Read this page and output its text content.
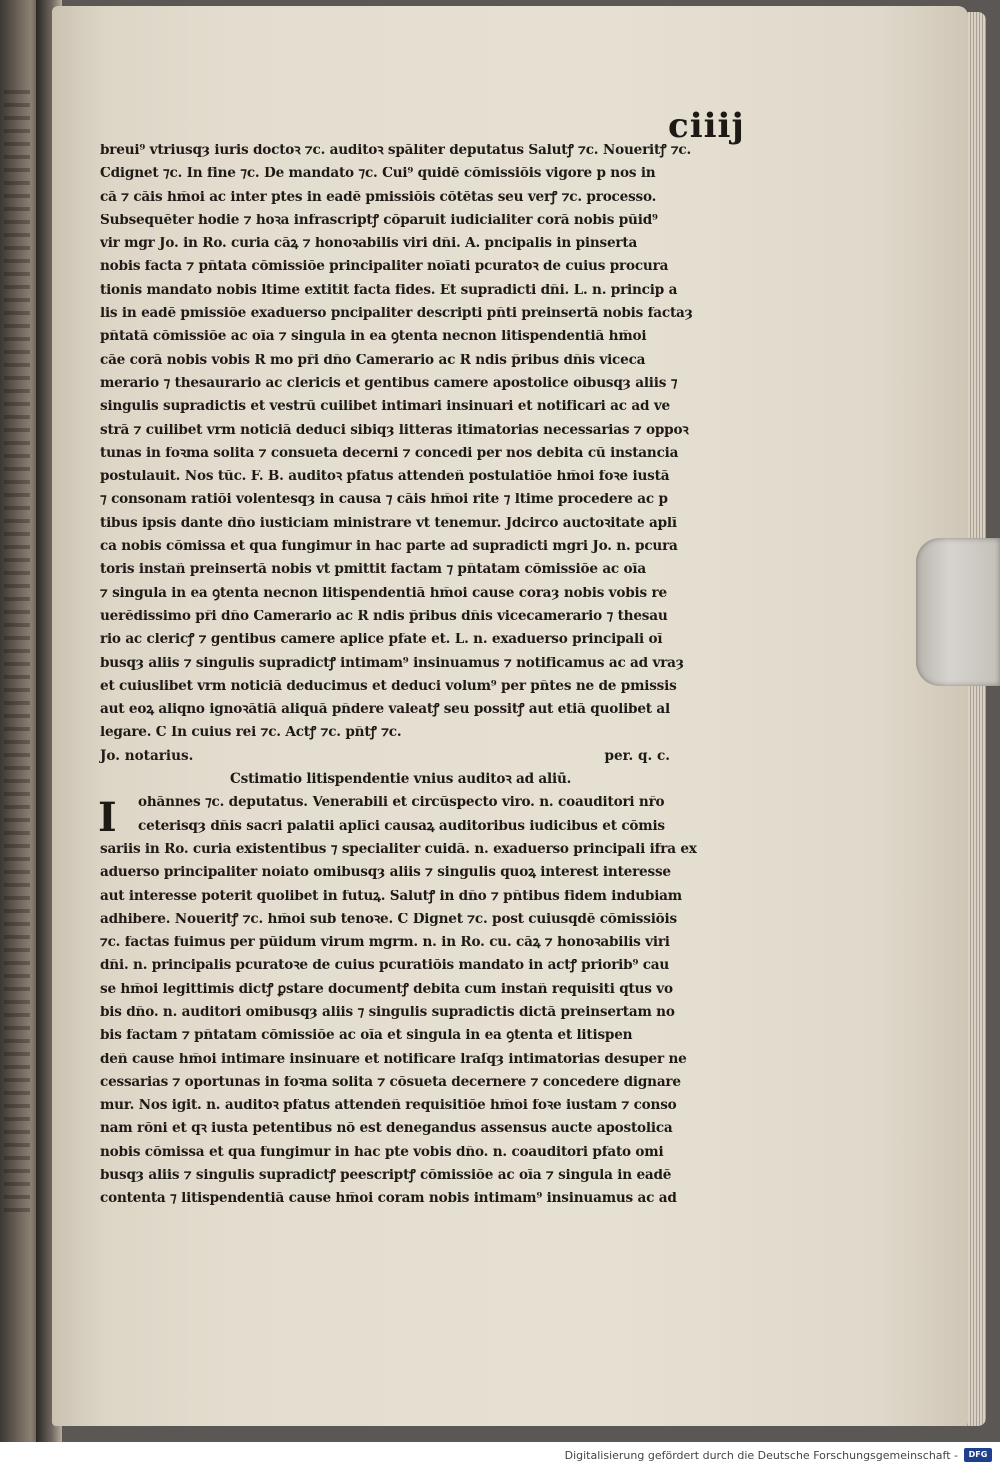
ciiij
breui⁹ vtriusqȝ iuris doctoꝛ ⁊c. auditoꝛ spālíter deputatus Salutꝭ ⁊c. Noueritꝭ ⁊c.
Cdignet ⁊c. In fine ⁊c. De mandato ⁊c. Cui⁹ quidē cōmissiōis vigore p nos in
cā ⁊ cāis hm̄oi ac inter ptes in eadē pmissiōis cōtētas seu verꝭ ⁊c. processo.
Subsequēter hodie ⁊ hoꝛa infrascriptꝭ cōparuit iudicialiter corā nobis pūid⁹
vir mgr Jo. in Ro. curia cāꝝ ⁊ honoꝛabilis viri dn̄i. A. pncipalis in pinserta
nobis facta ⁊ pn̄tata cōmissiōe principaliter noīati pcuratoꝛ de cuius procura
tionis mandato nobis ltime extitit facta fides. Et supradicti dn̄i. L. n. princip a
lis in eadē pmissiōe exaduerso pncipaliter descripti pn̄ti preinsertā nobis factaȝ
pn̄tatā cōmissiōe ac oīa ⁊ singula in ea ꝯtenta necnon litispendentiā hm̄oi
cāe corā nobis vobis R mo pr̄i dn̄o Camerario ac R ndis p̄ribus dn̄is viceca
merario ⁊ thesaurario ac clericis et gentibus camere apostolice oibusqȝ aliis ⁊
singulis supradictis et vestrū cuilibet intimari insinuari et notificari ac ad ve
strā ⁊ cuilibet vrm noticiā deduci sibiqȝ litteras itimatorias necessarias ⁊ oppoꝛ
tunas in foꝛma solita ⁊ consueta decerni ⁊ concedi per nos debita cū instancia
postulauit. Nos tūc. F. B. auditoꝛ pfatus attendeñ postulatiōe hm̄oi foꝛe iustā
⁊ consonam ratiōi volentesqȝ in causa ⁊ cāis hm̄oi rite ⁊ ltime procedere ac p
tibus ipsis dante dn̄o iusticiam ministrare vt tenemur. Jdcirco auctoꝛitate aplī
ca nobis cōmissa et qua fungimur in hac parte ad supradicti mgri Jo. n. pcura
toris instañ preinsertā nobis vt pmittit factam ⁊ pn̄tatam cōmissiōe ac oīa
⁊ singula in ea ꝯtenta necnon litispendentiā hm̄oi cause coraȝ nobis vobis re
uerēdissimo pr̄i dn̄o Camerario ac R ndis p̄ribus dn̄is vicecamerario ⁊ thesau
rio ac clericꝭ ⁊ gentibus camere aplice pfate et. L. n. exaduerso principali oī
busqȝ aliis ⁊ singulis supradictꝭ intimam⁹ insinuamus ⁊ notificamus ac ad vraȝ
et cuiuslibet vrm noticiā deducimus et deduci volum⁹ per pn̄tes ne de pmissis
aut eoꝝ aliqno ignoꝛātiā aliquā pn̄dere valeatꝭ seu possitꝭ aut etiā quolibet al
legare. C In cuius rei ⁊c. Actꝭ ⁊c. pn̄tꝭ ⁊c.
Jo. notarius.	per. q. c.
Cstimatio litispendentie vnius auditoꝛ ad aliū.
I	ohānnes ⁊c. deputatus. Venerabili et circūspecto viro. n. coauditori nr̄o
ceterisqȝ dn̄is sacri palatii aplīci causaꝝ auditoribus iudicibus et cōmis
sariis in Ro. curia existentibus ⁊ specialiter cuidā. n. exaduerso principali ifra ex
aduerso principaliter noiato omibusqȝ aliis ⁊ singulis quoꝝ interest interesse
aut interesse poterit quolibet in futuꝝ. Salutꝭ in dn̄o ⁊ pn̄tibus fidem indubiam
adhibere. Noueritꝭ ⁊c. hm̄oi sub tenoꝛe. C Dignet ⁊c. post cuiusqdē cōmissiōis
⁊c. factas fuimus per pūidum virum mgrm. n. in Ro. cu. cāꝝ ⁊ honoꝛabilis viri
dn̄i. n. principalis pcuratoꝛe de cuius pcuratiōis mandato in actꝭ priorib⁹ cau
se hm̄oi legittimis dictꝭ ꝑstare documentꝭ debita cum instañ requisiti qtus vo
bis dn̄o. n. auditori omibusqȝ aliis ⁊ singulis supradictis dictā preinsertam no
bis factam ⁊ pn̄tatam cōmissiōe ac oīa et singula in ea ꝯtenta et litispen
deñ cause hm̄oi intimare insinuare et notificare lraſqȝ intimatorias desuper ne
cessarias ⁊ oportunas in foꝛma solita ⁊ cōsueta decernere ⁊ concedere dignare
mur. Nos igit. n. auditoꝛ pfatus attendeñ requisitiōe hm̄oi foꝛe iustam ⁊ conso
nam rōni et qꝛ iusta petentibus nō est denegandus assensus aucte apostolica
nobis cōmissa et qua fungimur in hac pte vobis dn̄o. n. coauditori pfato omi
busqȝ aliis ⁊ singulis supradictꝭ peescriptꝭ cōmissiōe ac oīa ⁊ singula in eadē
contenta ⁊ litispendentiā cause hm̄oi coram nobis intimam⁹ insinuamus ac ad
Digitalisierung gefördert durch die Deutsche Forschungsgemeinschaft -	DFG
